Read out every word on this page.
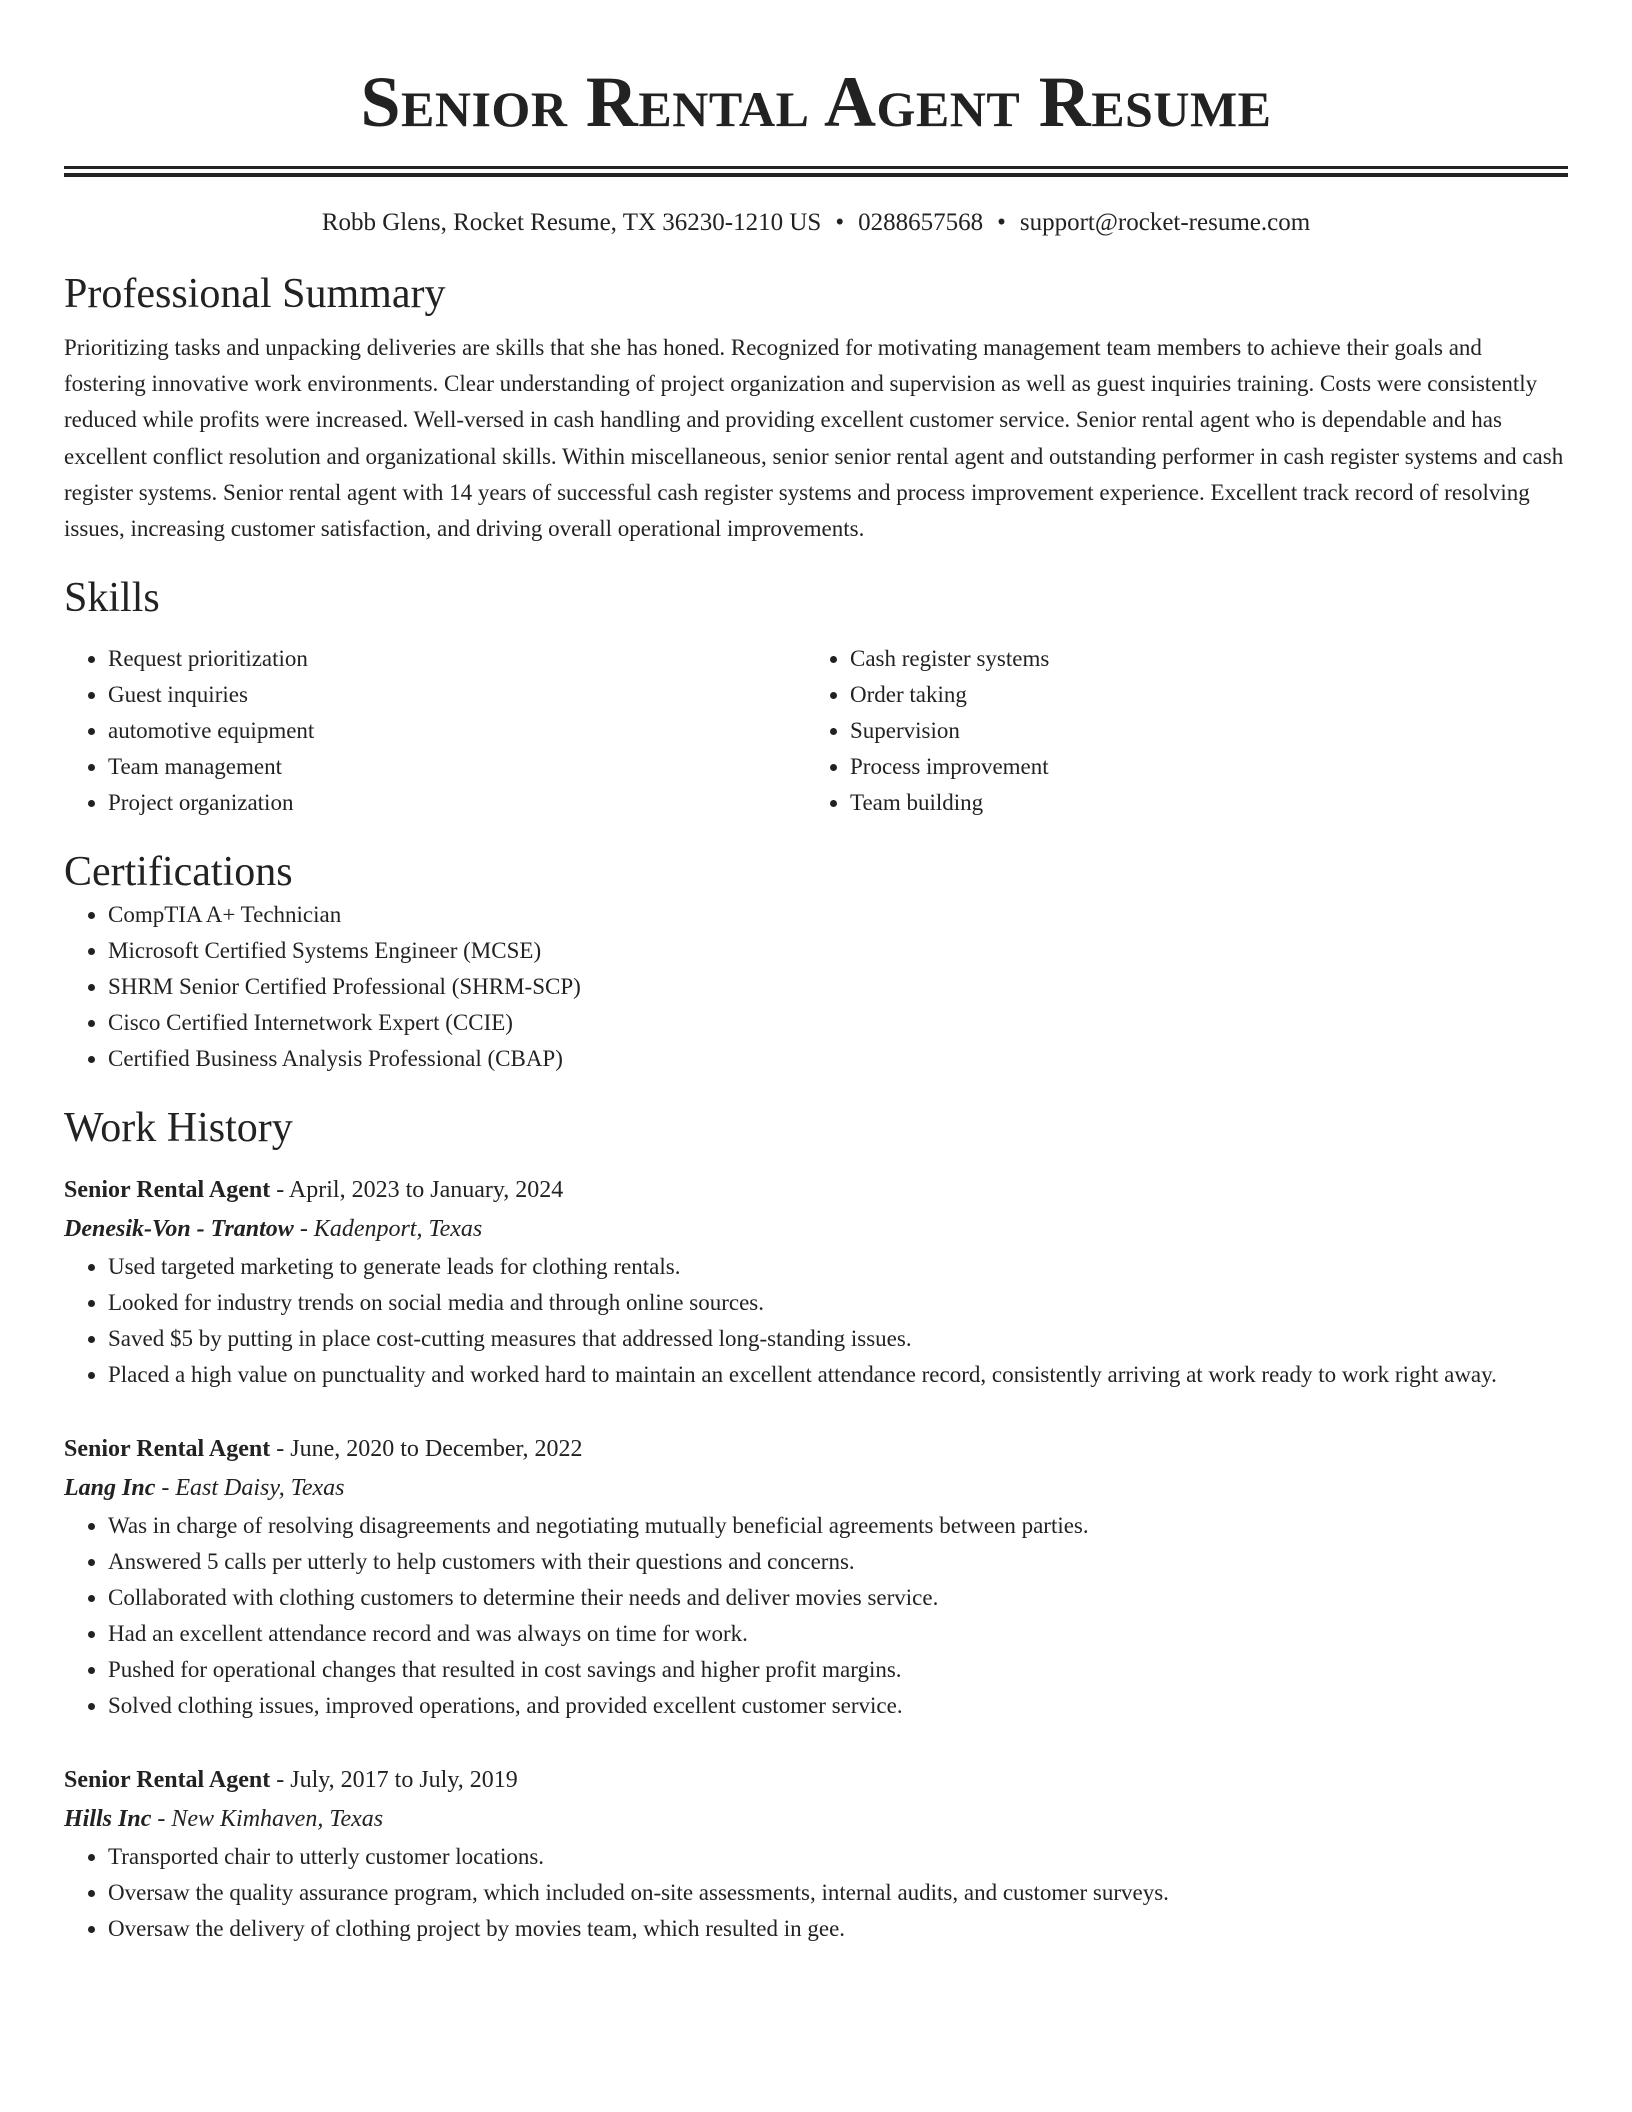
Senior Rental Agent Resume
Robb Glens, Rocket Resume, TX 36230-1210 US • 0288657568 • support@rocket-resume.com
Professional Summary
Prioritizing tasks and unpacking deliveries are skills that she has honed. Recognized for motivating management team members to achieve their goals and fostering innovative work environments. Clear understanding of project organization and supervision as well as guest inquiries training. Costs were consistently reduced while profits were increased. Well-versed in cash handling and providing excellent customer service. Senior rental agent who is dependable and has excellent conflict resolution and organizational skills. Within miscellaneous, senior senior rental agent and outstanding performer in cash register systems and cash register systems. Senior rental agent with 14 years of successful cash register systems and process improvement experience. Excellent track record of resolving issues, increasing customer satisfaction, and driving overall operational improvements.
Skills
• Request prioritization
• Guest inquiries
• automotive equipment
• Team management
• Project organization
• Cash register systems
• Order taking
• Supervision
• Process improvement
• Team building
Certifications
• CompTIA A+ Technician
• Microsoft Certified Systems Engineer (MCSE)
• SHRM Senior Certified Professional (SHRM-SCP)
• Cisco Certified Internetwork Expert (CCIE)
• Certified Business Analysis Professional (CBAP)
Work History
Senior Rental Agent - April, 2023 to January, 2024
Denesik-Von - Trantow - Kadenport, Texas
• Used targeted marketing to generate leads for clothing rentals.
• Looked for industry trends on social media and through online sources.
• Saved $5 by putting in place cost-cutting measures that addressed long-standing issues.
• Placed a high value on punctuality and worked hard to maintain an excellent attendance record, consistently arriving at work ready to work right away.
Senior Rental Agent - June, 2020 to December, 2022
Lang Inc - East Daisy, Texas
• Was in charge of resolving disagreements and negotiating mutually beneficial agreements between parties.
• Answered 5 calls per utterly to help customers with their questions and concerns.
• Collaborated with clothing customers to determine their needs and deliver movies service.
• Had an excellent attendance record and was always on time for work.
• Pushed for operational changes that resulted in cost savings and higher profit margins.
• Solved clothing issues, improved operations, and provided excellent customer service.
Senior Rental Agent - July, 2017 to July, 2019
Hills Inc - New Kimhaven, Texas
• Transported chair to utterly customer locations.
• Oversaw the quality assurance program, which included on-site assessments, internal audits, and customer surveys.
• Oversaw the delivery of clothing project by movies team, which resulted in gee.
